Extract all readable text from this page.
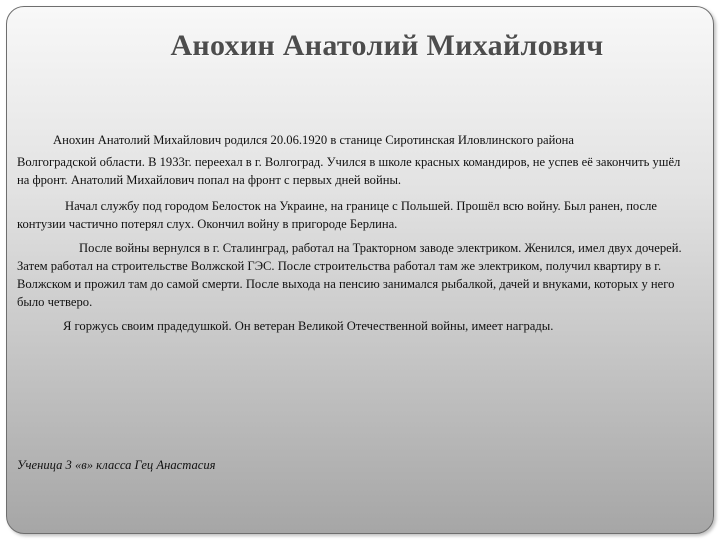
Анохин Анатолий Михайлович

Анохин Анатолий Михайлович родился 20.06.1920 в станице Сиротинская Иловлинского района
Волгоградской области. В 1933г. переехал в г. Волгоград. Учился в школе красных командиров, не успев её закончить ушёл на фронт. Анатолий Михайлович попал на фронт с первых дней войны.

Начал службу под городом Белосток на Украине, на границе с Польшей. Прошёл всю войну. Был ранен, после контузии частично потерял слух. Окончил войну в пригороде Берлина.

После войны вернулся в г. Сталинград, работал на Тракторном заводе электриком. Женился, имел двух дочерей. Затем работал на строительстве Волжской ГЭС. После строительства работал там же электриком, получил квартиру в г. Волжском и прожил там до самой смерти. После выхода на пенсию занимался рыбалкой, дачей и внуками, которых у него было четверо.

Я горжусь своим прадедушкой. Он ветеран Великой Отечественной войны, имеет награды.

Ученица 3 «в» класса Гец Анастасия
